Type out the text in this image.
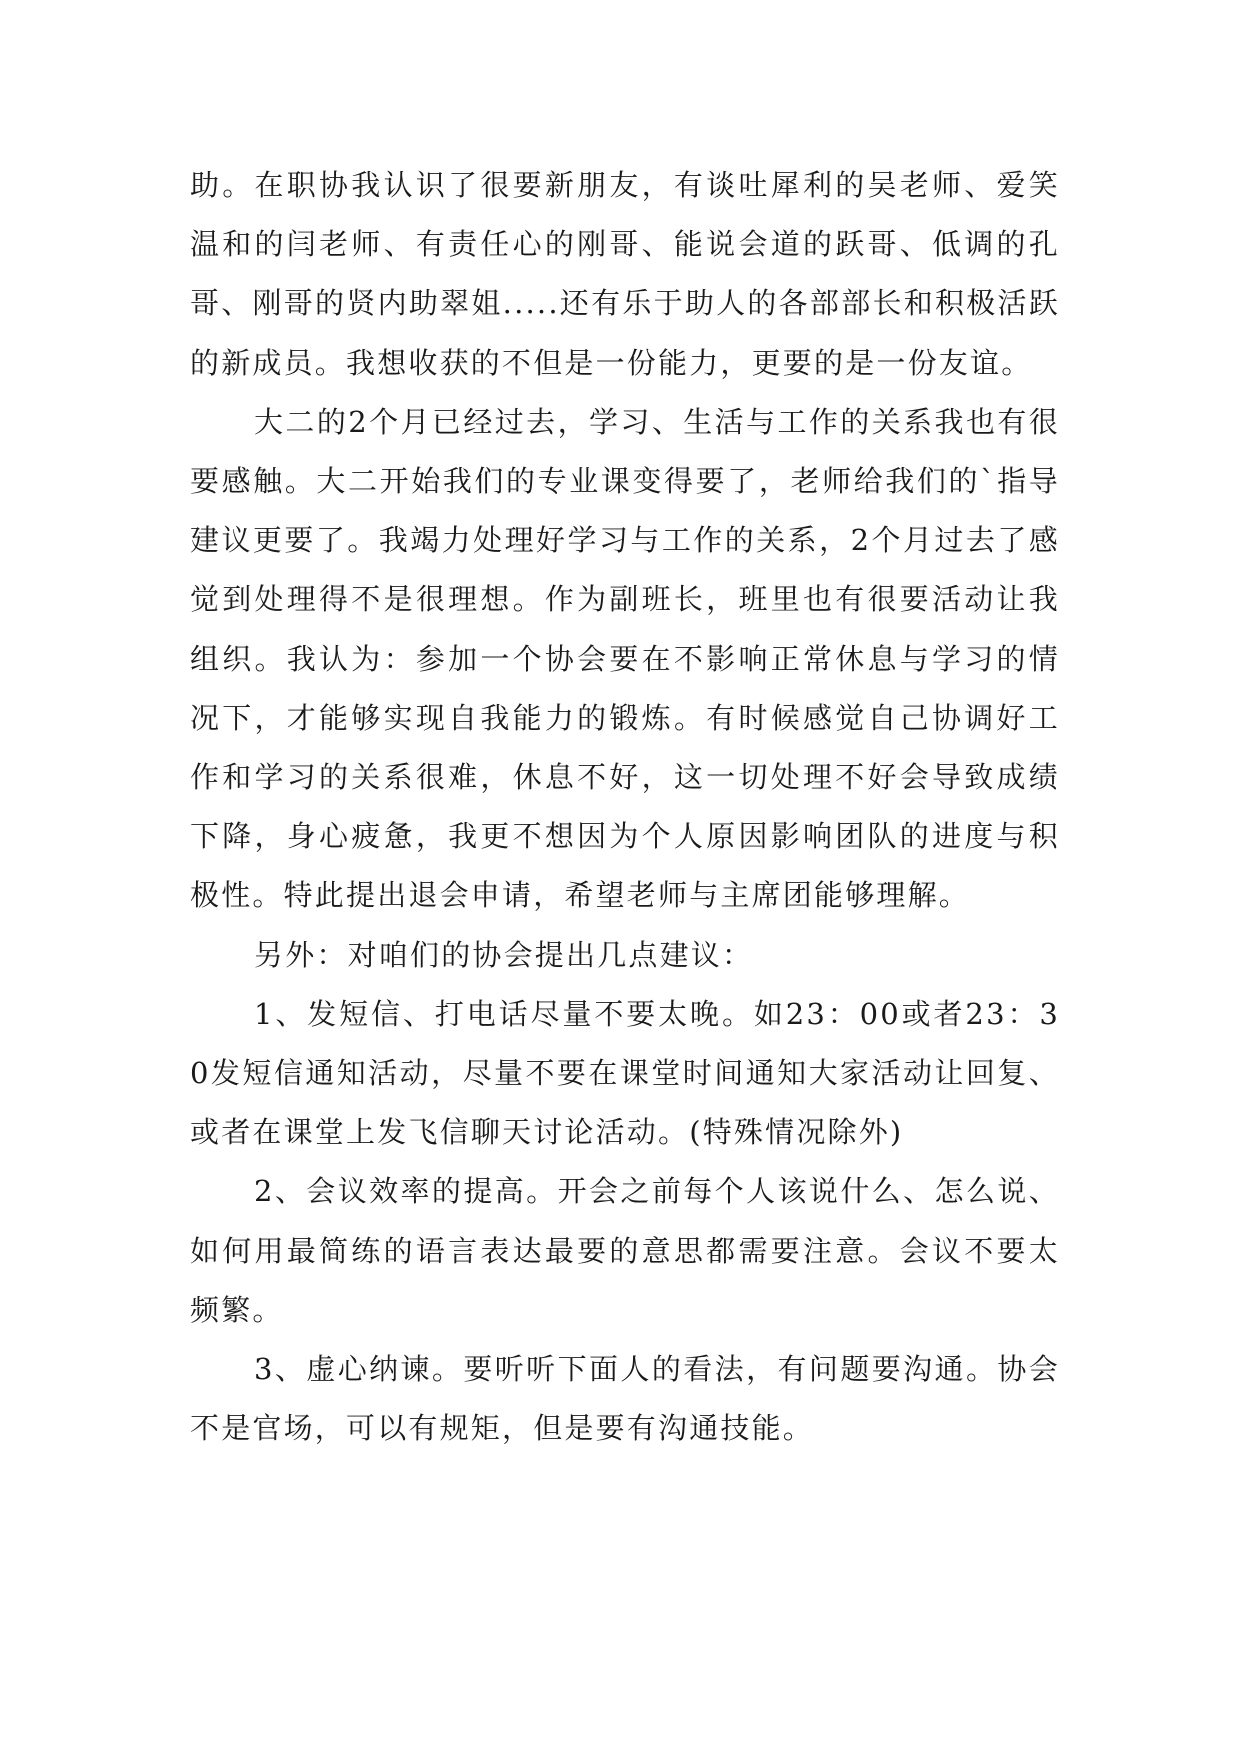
助。在职协我认识了很要新朋友，有谈吐犀利的吴老师、爱笑温和的闫老师、有责任心的刚哥、能说会道的跃哥、低调的孔哥、刚哥的贤内助翠姐.....还有乐于助人的各部部长和积极活跃的新成员。我想收获的不但是一份能力，更要的是一份友谊。

大二的2个月已经过去，学习、生活与工作的关系我也有很要感触。大二开始我们的专业课变得要了，老师给我们的`指导建议更要了。我竭力处理好学习与工作的关系，2个月过去了感觉到处理得不是很理想。作为副班长，班里也有很要活动让我组织。我认为：参加一个协会要在不影响正常休息与学习的情况下，才能够实现自我能力的锻炼。有时候感觉自己协调好工作和学习的关系很难，休息不好，这一切处理不好会导致成绩下降，身心疲惫，我更不想因为个人原因影响团队的进度与积极性。特此提出退会申请，希望老师与主席团能够理解。

另外：对咱们的协会提出几点建议：

1、发短信、打电话尽量不要太晚。如23：00或者23：30发短信通知活动，尽量不要在课堂时间通知大家活动让回复、或者在课堂上发飞信聊天讨论活动。(特殊情况除外)

2、会议效率的提高。开会之前每个人该说什么、怎么说、如何用最简练的语言表达最要的意思都需要注意。会议不要太频繁。

3、虚心纳谏。要听听下面人的看法，有问题要沟通。协会不是官场，可以有规矩，但是要有沟通技能。
